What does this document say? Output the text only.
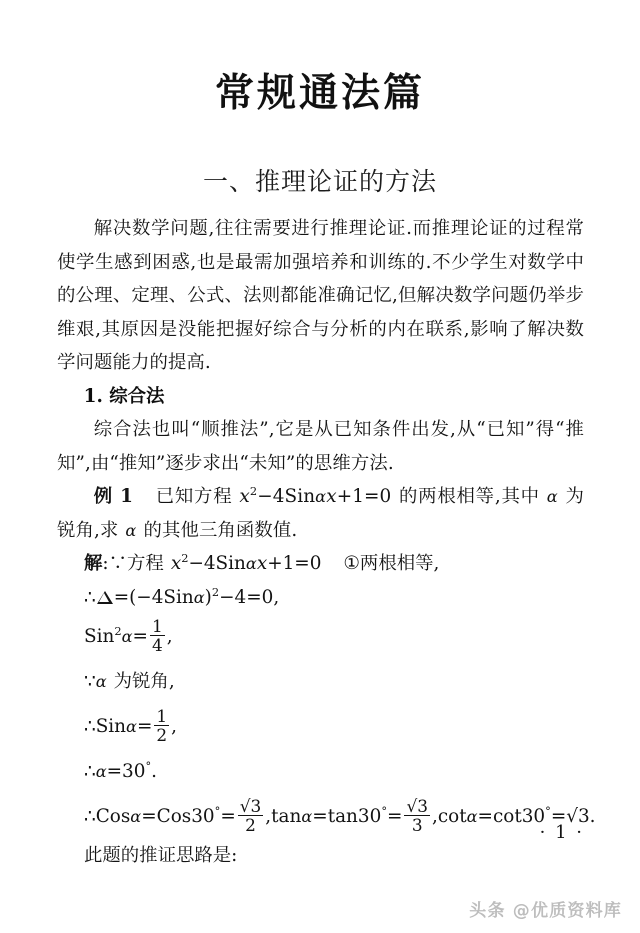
常规通法篇
一、推理论证的方法

解决数学问题,往往需要进行推理论证.而推理论证的过程常使学生感到困惑,也是最需加强培养和训练的.不少学生对数学中的公理、定理、公式、法则都能准确记忆,但解决数学问题仍举步维艰,其原因是没能把握好综合与分析的内在联系,影响了解决数学问题能力的提高.

1. 综合法

综合法也叫“顺推法”,它是从已知条件出发,从“已知”得“推知”,由“推知”逐步求出“未知”的思维方法.

例 1 已知方程 $x^2-4Sin\alpha x+1=0$ 的两根相等,其中 α 为锐角,求 α 的其他三角函数值.

解:∵方程 $x^2-4Sin\alpha x+1=0$ ①两根相等,

∴ $=(-4Sin\alpha)^2-4=0$,

$Sin^2\alpha= \frac{1}{4}$ ,

∵α 为锐角,

∴Sinα= $\frac{1}{2}$ ,

∴α=30°.

∴Cosα=Cos30°= $\frac{√3}{2} ,\tan\alpha=\tan 30^\circ= \frac{√3}{3} ,\cot\alpha=\cot 30^\circ=√3$.

此题的推证思路是:

· 1 ·
头条 @优质资料库
